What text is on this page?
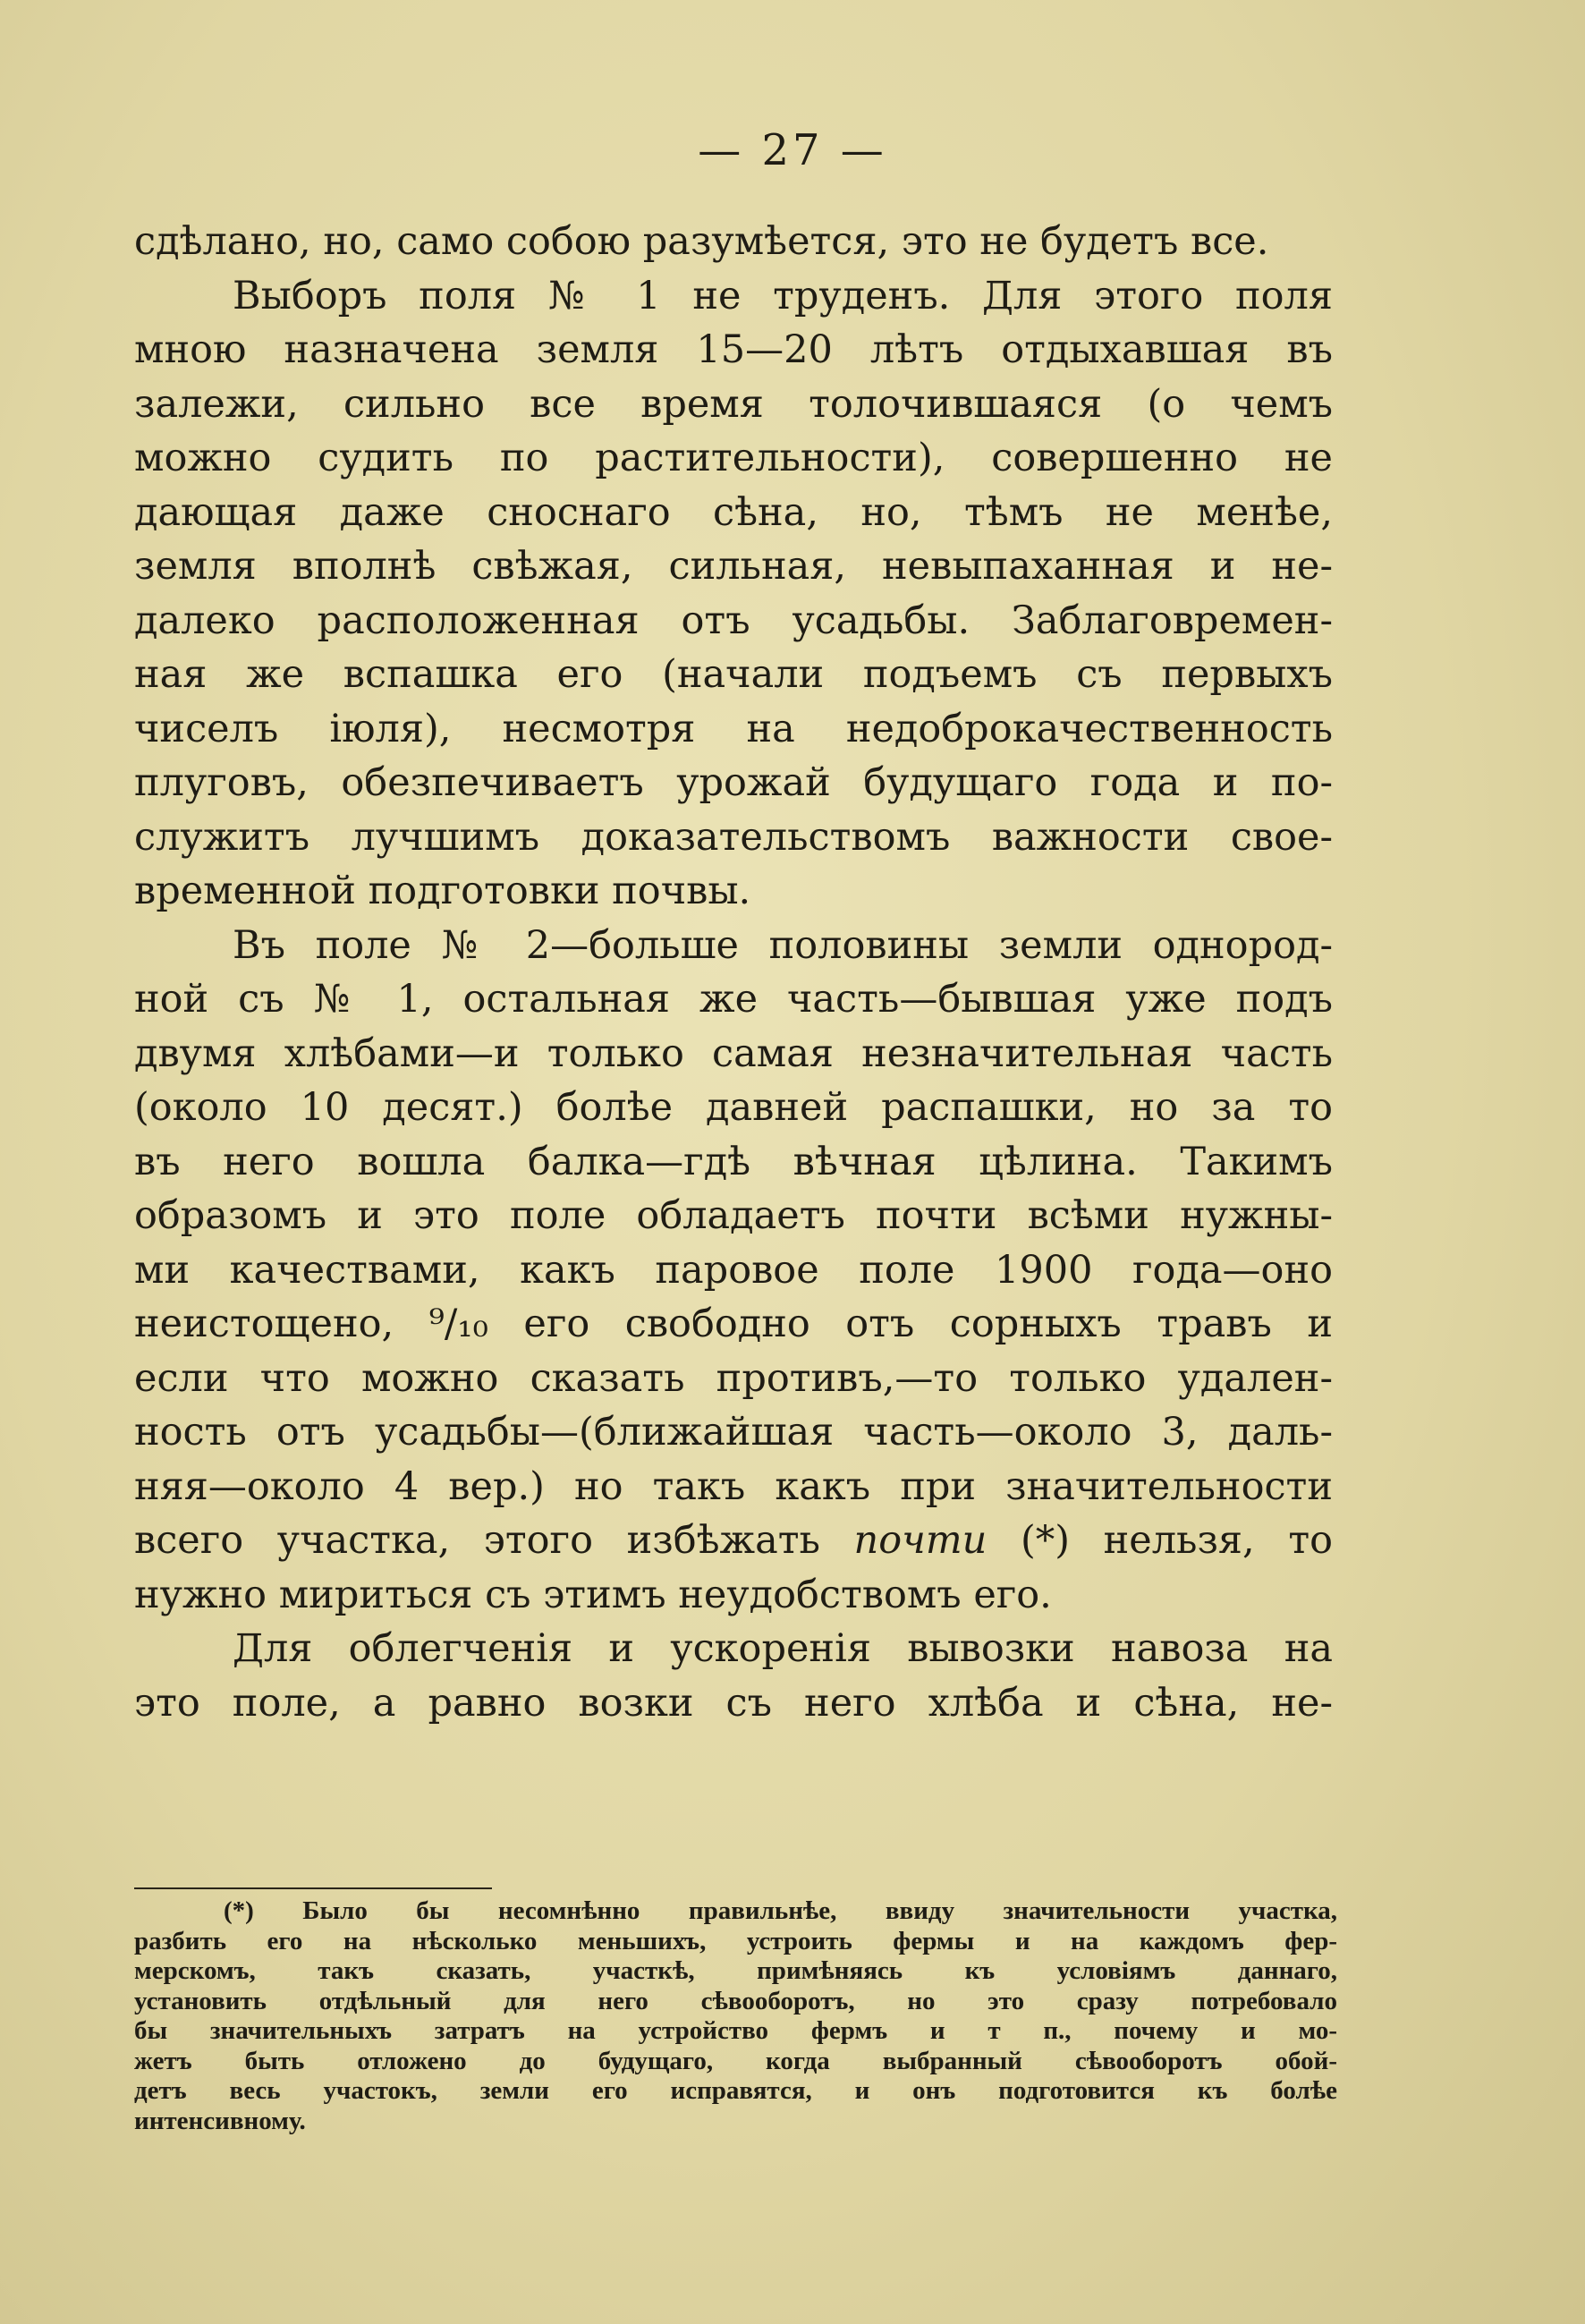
— 27 —
сдѣлано, но, само собою разумѣется, это не будетъ все.
Выборъ поля № 1 не труденъ. Для этого поля
мною назначена земля 15—20 лѣтъ отдыхавшая въ
залежи, сильно все время толочившаяся (о чемъ
можно судить по растительности), совершенно не
дающая даже сноснаго сѣна, но, тѣмъ не менѣе,
земля вполнѣ свѣжая, сильная, невыпаханная и не-
далеко расположенная отъ усадьбы. Заблаговремен-
ная же вспашка его (начали подъемъ съ первыхъ
чиселъ іюля), несмотря на недоброкачественность
плуговъ, обезпечиваетъ урожай будущаго года и по-
служитъ лучшимъ доказательствомъ важности свое-
временной подготовки почвы.
Въ поле № 2—больше половины земли однород-
ной съ № 1, остальная же часть—бывшая уже подъ
двумя хлѣбами—и только самая незначительная часть
(около 10 десят.) болѣе давней распашки, но за то
въ него вошла балка—гдѣ вѣчная цѣлина. Такимъ
образомъ и это поле обладаетъ почти всѣми нужны-
ми качествами, какъ паровое поле 1900 года—оно
неистощено, ⁹/₁₀ его свободно отъ сорныхъ травъ и
если что можно сказать противъ,—то только удален-
ность отъ усадьбы—(ближайшая часть—около 3, даль-
няя—около 4 вер.) но такъ какъ при значительности
всего участка, этого избѣжать почти (*) нельзя, то
нужно мириться съ этимъ неудобствомъ его.
Для облегченія и ускоренія вывозки навоза на
это поле, а равно возки съ него хлѣба и сѣна, не-
(*) Было бы несомнѣнно правильнѣе, ввиду значительности участка,
разбить его на нѣсколько меньшихъ, устроить фермы и на каждомъ фер-
мерскомъ, такъ сказать, участкѣ, примѣняясь къ условіямъ даннаго,
установить отдѣльный для него сѣвооборотъ, но это сразу потребовало
бы значительныхъ затратъ на устройство фермъ и т п., почему и мо-
жетъ быть отложено до будущаго, когда выбранный сѣвооборотъ обой-
детъ весь участокъ, земли его исправятся, и онъ подготовится къ болѣе
интенсивному.
